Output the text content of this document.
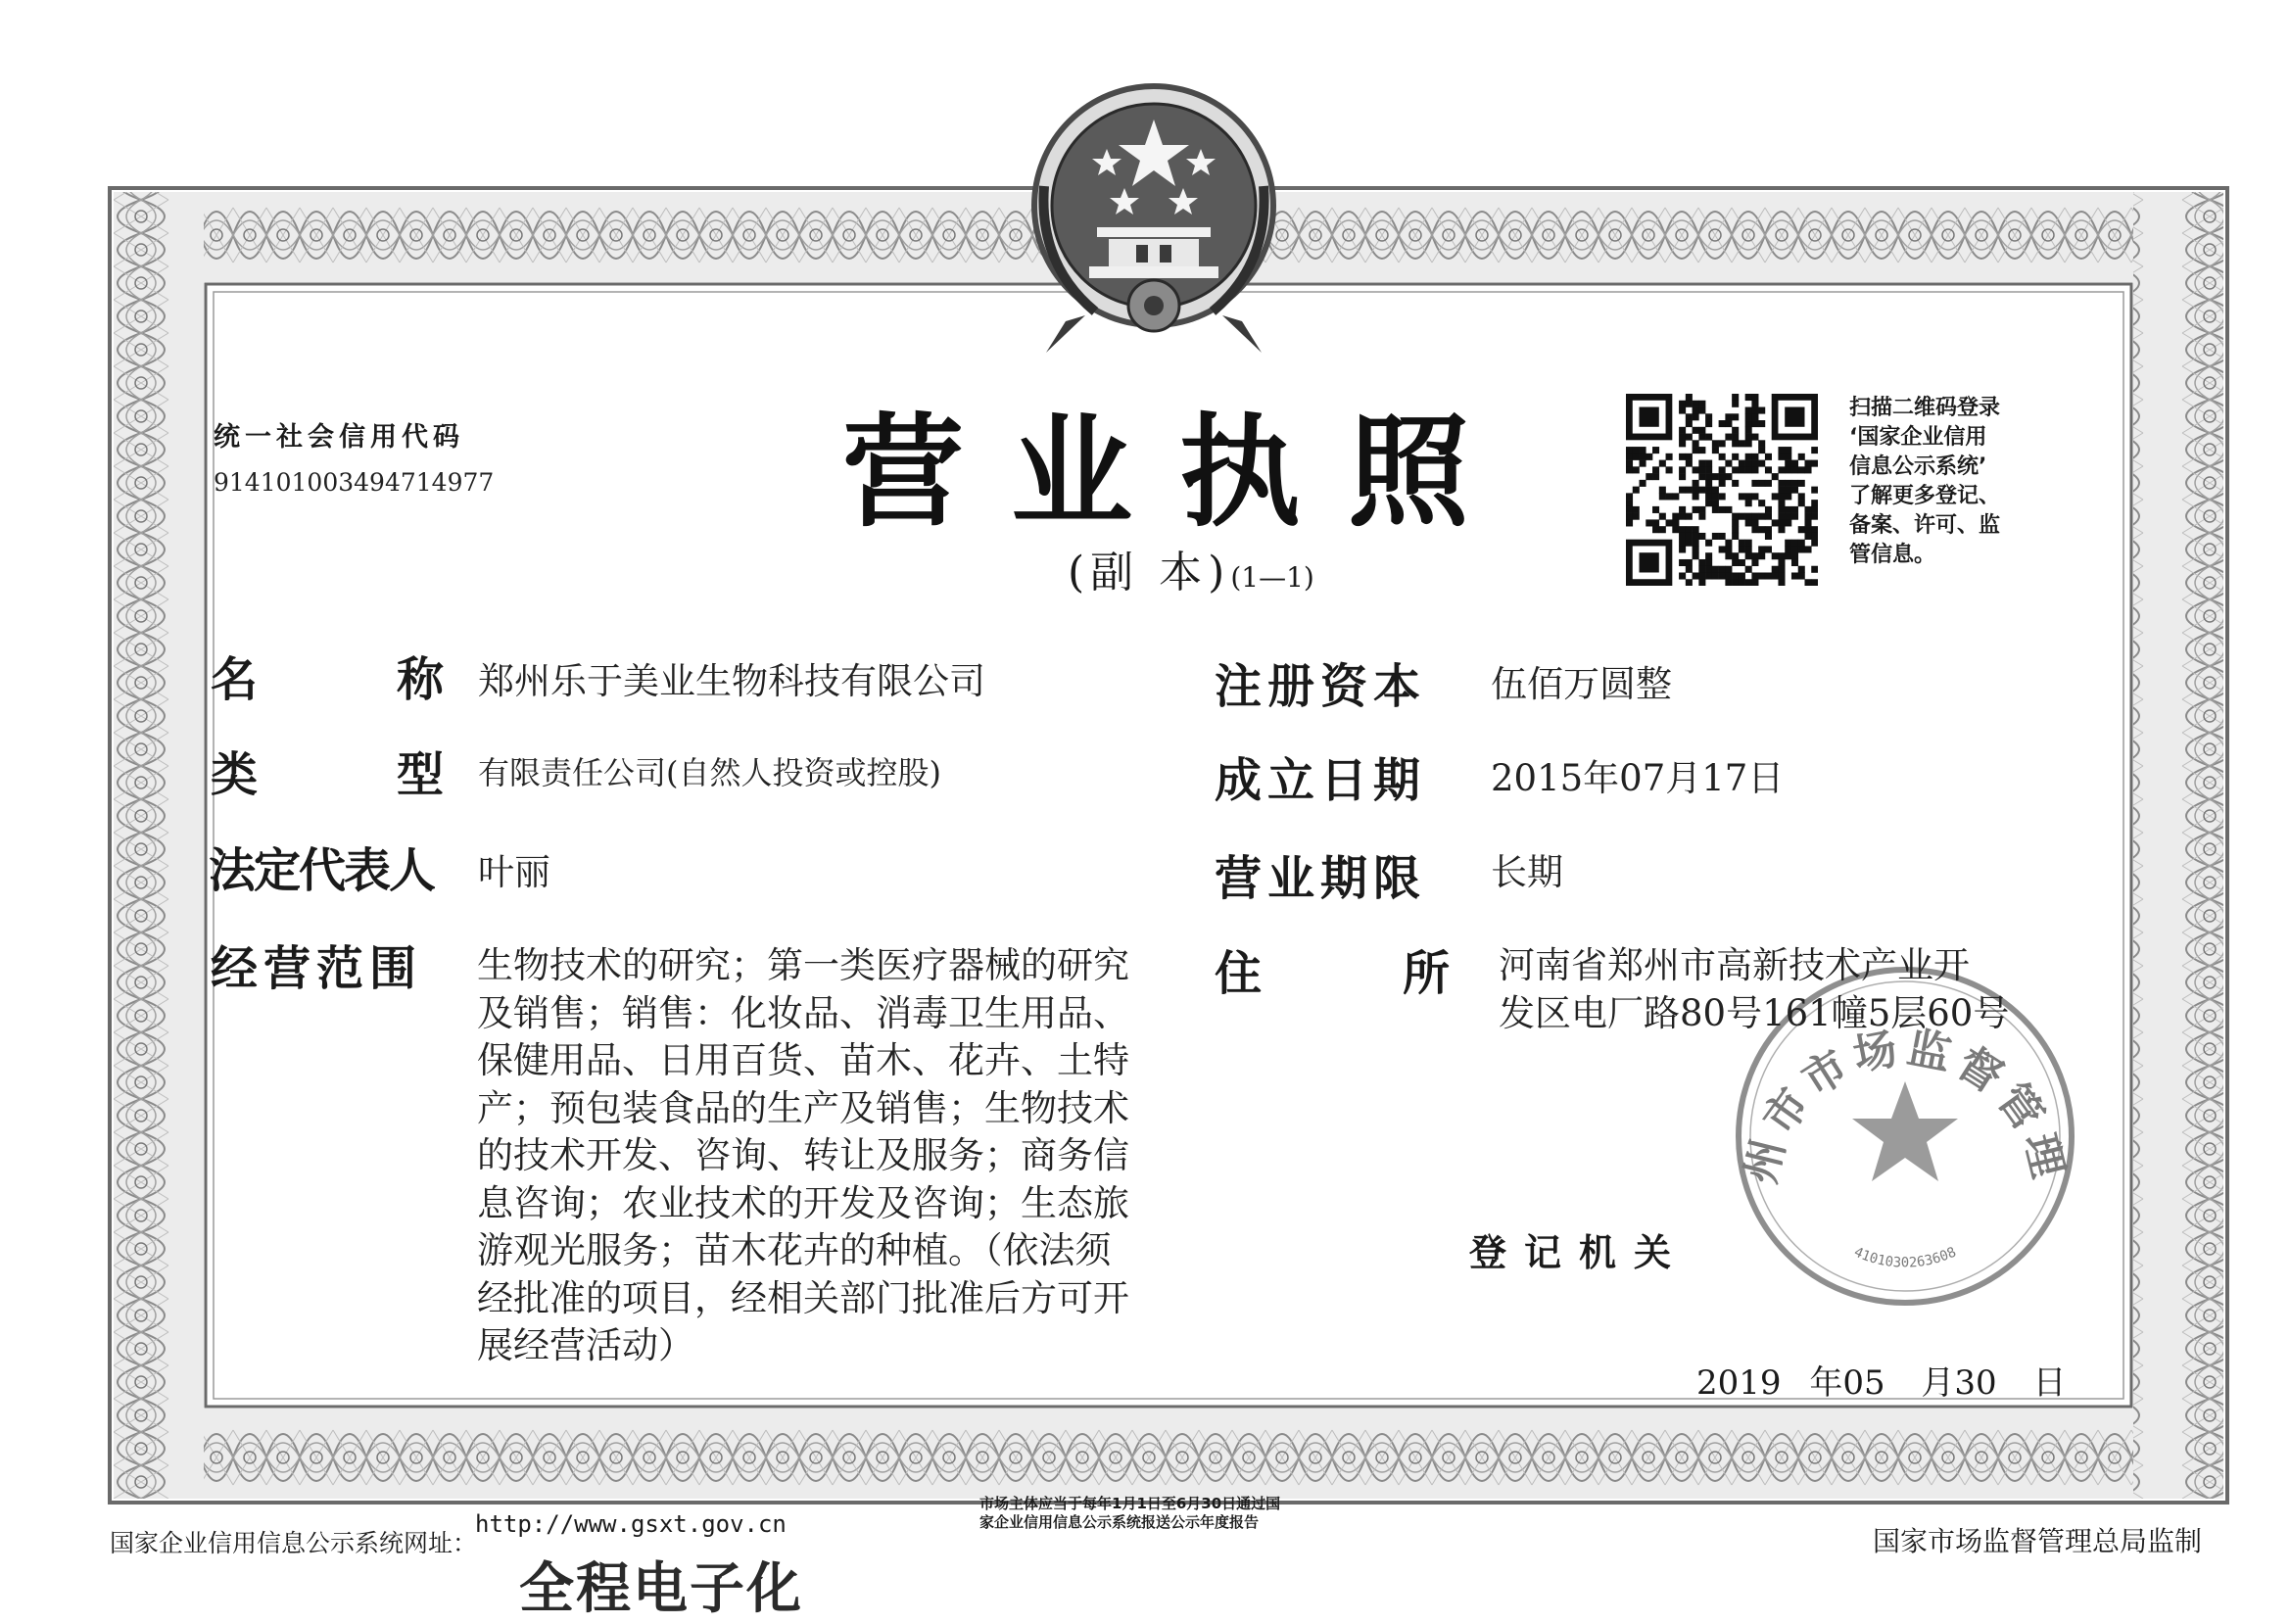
统一社会信用代码
914101003494714977	营业执照
(副 本)(1—1)
扫描二维码登录
‘国家企业信用
信息公示系统’
了解更多登记、
备案、许可、监
管信息。
名	称 郑州乐于美业生物科技有限公司
类	型 有限责任公司(自然人投资或控股)
法定代表人 叶丽
经营范围 生物技术的研究；第一类医疗器械的研究
及销售；销售：化妆品、消毒卫生用品、
保健用品、日用百货、苗木、花卉、土特
产；预包装食品的生产及销售；生物技术
的技术开发、咨询、转让及服务；商务信
息咨询；农业技术的开发及咨询；生态旅
游观光服务；苗木花卉的种植。（依法须
经批准的项目，经相关部门批准后方可开
展经营活动）
注册资本 伍佰万圆整
成立日期 2015年07月17日
营业期限 长期
住	所 河南省郑州市高新技术产业开
发区电厂路80号161幢5层60号
州市市场监督管理
4101030263608
登记机关
2019 年05 月30 日
国家企业信用信息公示系统网址：
http://www.gsxt.gov.cn
市场主体应当于每年1月1日至6月30日通过国
家企业信用信息公示系统报送公示年度报告
国家市场监督管理总局监制
全程电子化
